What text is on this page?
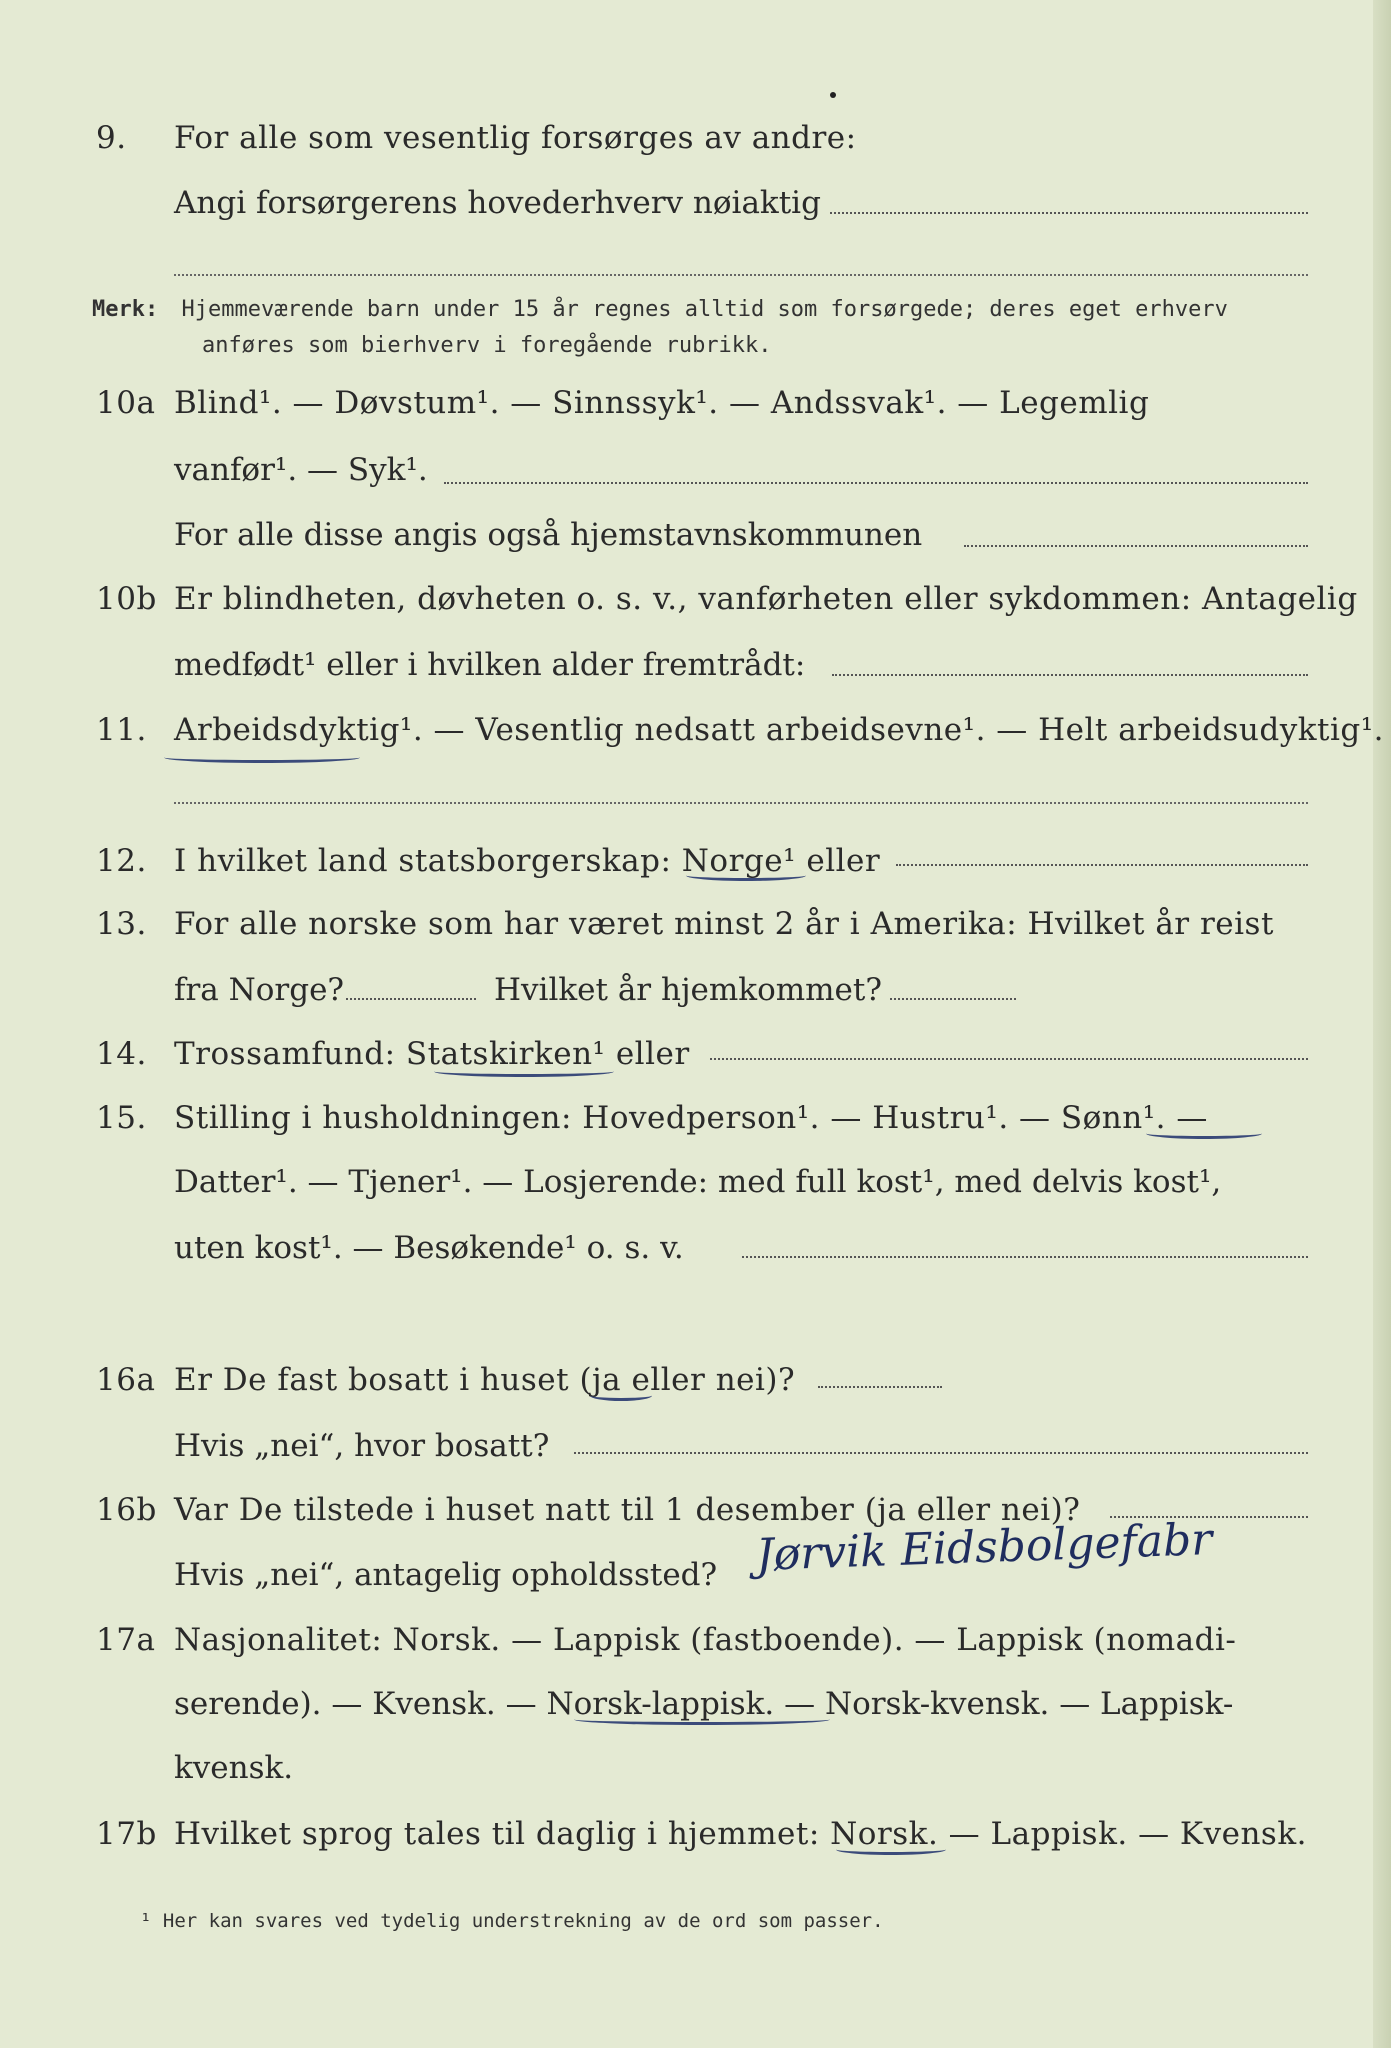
9.	For alle som vesentlig forsørges av andre:
Angi forsørgerens hovederhverv nøiaktig
Merk: Hjemmeværende barn under 15 år regnes alltid som forsørgede; deres eget erhverv
anføres som bierhverv i foregående rubrikk.
10a Blind¹. — Døvstum¹. — Sinnssyk¹. — Andssvak¹. — Legemlig
vanfør¹. — Syk¹.
For alle disse angis også hjemstavnskommunen
10b Er blindheten, døvheten o. s. v., vanførheten eller sykdommen: Antagelig
medfødt¹ eller i hvilken alder fremtrådt:
11. Arbeidsdyktig¹. — Vesentlig nedsatt arbeidsevne¹. — Helt arbeidsudyktig¹.
12. I hvilket land statsborgerskap: Norge¹ eller
13. For alle norske som har været minst 2 år i Amerika: Hvilket år reist
fra Norge?	Hvilket år hjemkommet?
14. Trossamfund: Statskirken¹ eller
15. Stilling i husholdningen: Hovedperson¹. — Hustru¹. — Sønn¹. —
Datter¹. — Tjener¹. — Losjerende: med full kost¹, med delvis kost¹,
uten kost¹. — Besøkende¹ o. s. v.
16a Er De fast bosatt i huset (ja eller nei)?
Hvis „nei“, hvor bosatt?
16b Var De tilstede i huset natt til 1 desember (ja eller nei)?
Hvis „nei“, antagelig opholdssted? Jørvik Eidsbolgefabr
17a Nasjonalitet: Norsk. — Lappisk (fastboende). — Lappisk (nomadi-
serende). — Kvensk. — Norsk-lappisk. — Norsk-kvensk. — Lappisk-
kvensk.
17b Hvilket sprog tales til daglig i hjemmet: Norsk. — Lappisk. — Kvensk.
¹ Her kan svares ved tydelig understrekning av de ord som passer.
